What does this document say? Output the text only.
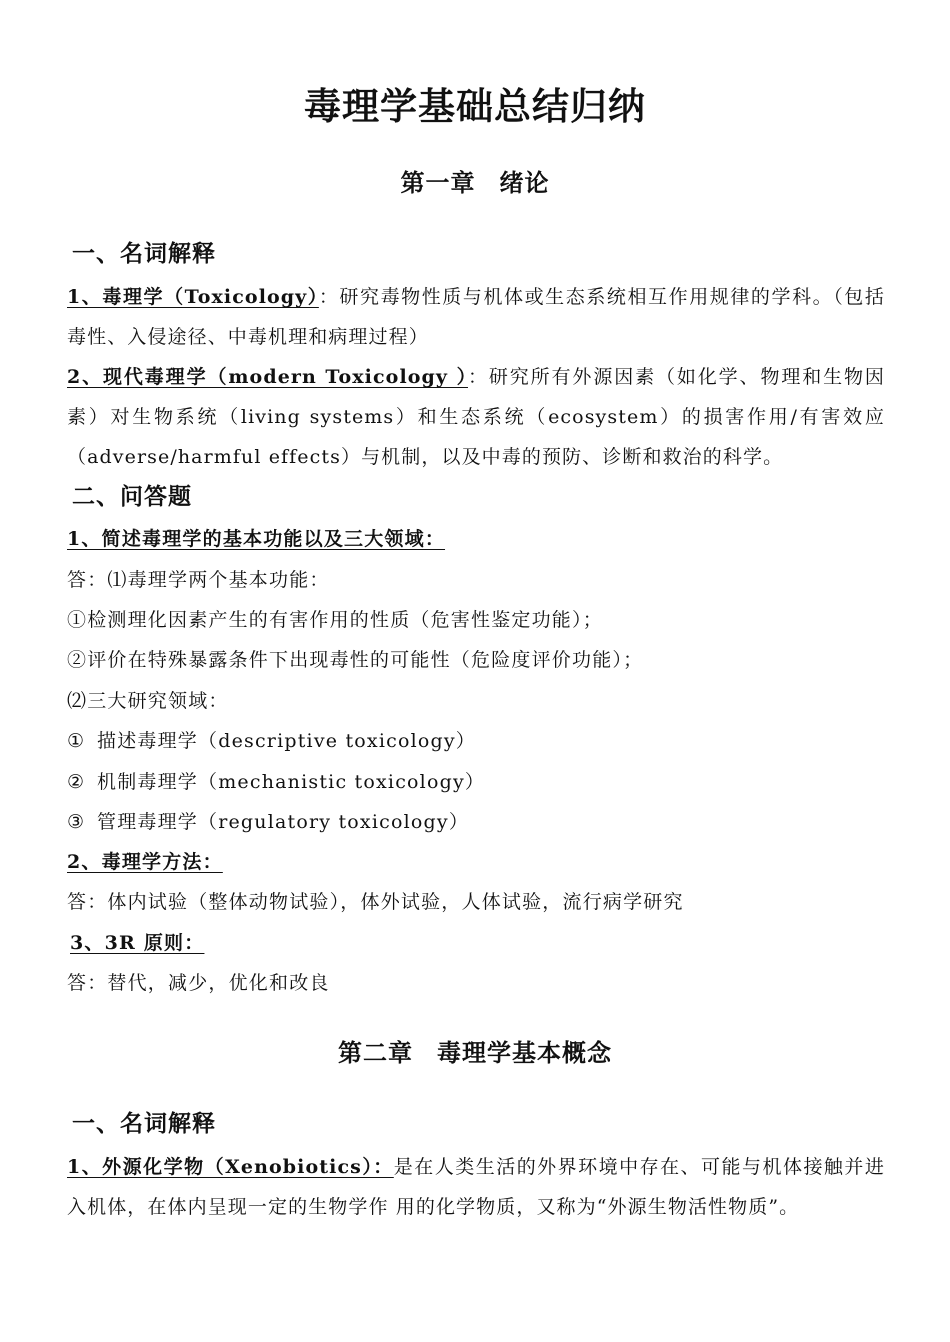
毒理学基础总结归纳
第一章 绪论
一、名词解释
1、毒理学（Toxicology）：研究毒物性质与机体或生态系统相互作用规律的学科。（包括毒性、入侵途径、中毒机理和病理过程）
2、现代毒理学（modern Toxicology ）：研究所有外源因素（如化学、物理和生物因素）对生物系统（living systems）和生态系统（ecosystem）的损害作用/有害效应（adverse/harmful effects）与机制，以及中毒的预防、诊断和救治的科学。
二、问答题
1、简述毒理学的基本功能以及三大领域：
答：⑴毒理学两个基本功能：
①检测理化因素产生的有害作用的性质（危害性鉴定功能）；
②评价在特殊暴露条件下出现毒性的可能性（危险度评价功能）；
⑵三大研究领域：
① 描述毒理学（descriptive toxicology）
② 机制毒理学（mechanistic toxicology）
③ 管理毒理学（regulatory toxicology）
2、毒理学方法：
答：体内试验（整体动物试验），体外试验，人体试验，流行病学研究
3、3R 原则：
答：替代，减少，优化和改良
第二章 毒理学基本概念
一、名词解释
1、外源化学物（Xenobiotics）：是在人类生活的外界环境中存在、可能与机体接触并进入机体，在体内呈现一定的生物学作 用的化学物质，又称为“外源生物活性物质”。
